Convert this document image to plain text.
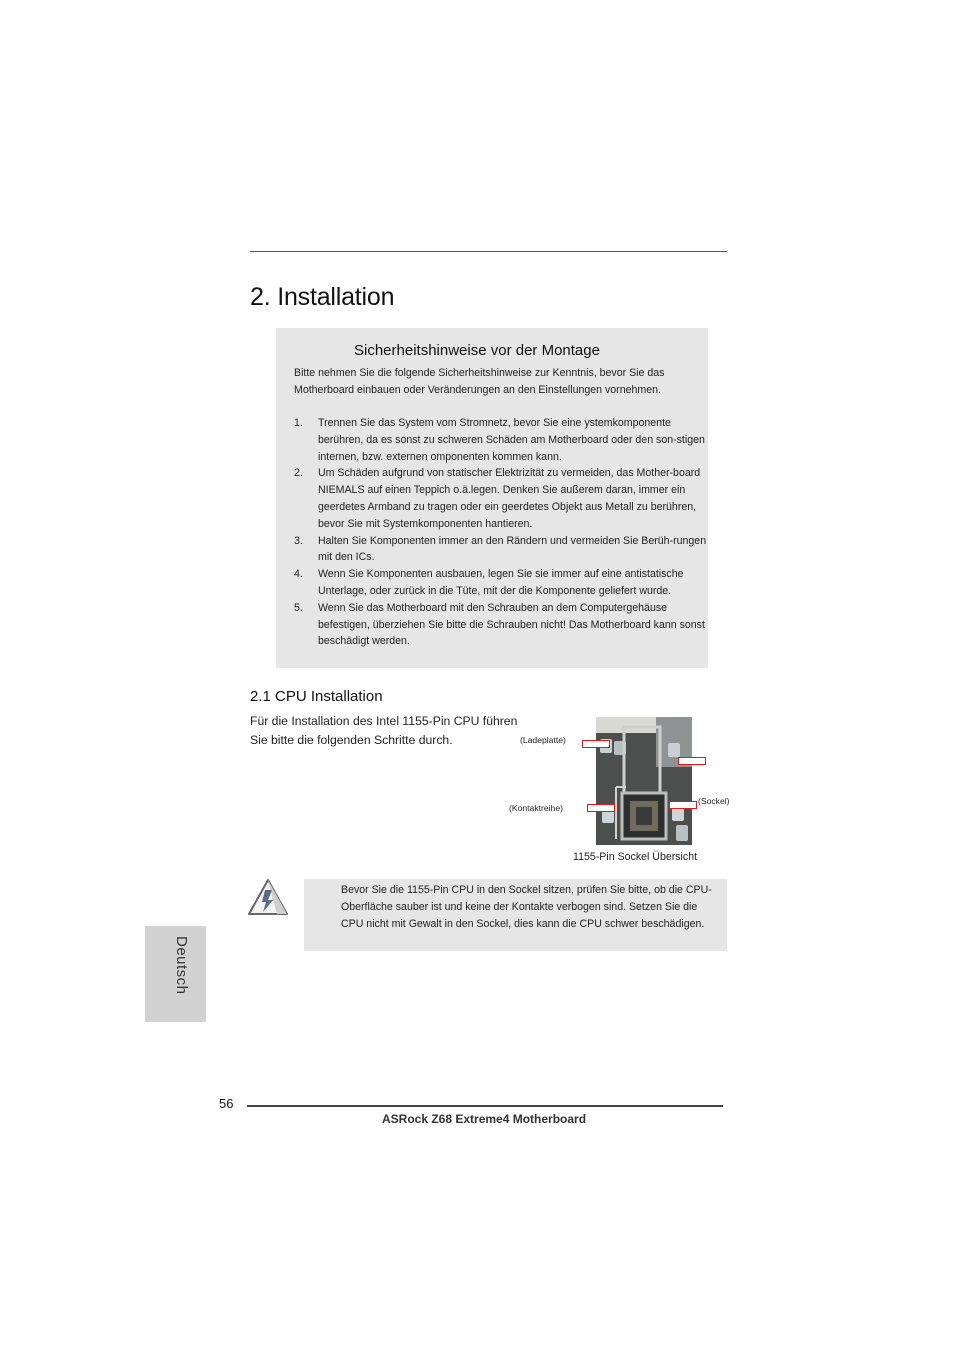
2. Installation
Sicherheitshinweise vor der Montage
Bitte nehmen Sie die folgende Sicherheitshinweise zur Kenntnis, bevor Sie das Motherboard einbauen oder Veränderungen an den Einstellungen vornehmen.
1. Trennen Sie das System vom Stromnetz, bevor Sie eine ystemkomponente berühren, da es sonst zu schweren Schäden am Motherboard oder den son-stigen internen, bzw. externen omponenten kommen kann.
2. Um Schäden aufgrund von statischer Elektrizität zu vermeiden, das Mother-board NIEMALS auf einen Teppich o.ä.legen. Denken Sie außerem daran, immer ein geerdetes Armband zu tragen oder ein geerdetes Objekt aus Metall zu berühren, bevor Sie mit Systemkomponenten hantieren.
3. Halten Sie Komponenten immer an den Rändern und vermeiden Sie Berüh-rungen mit den ICs.
4. Wenn Sie Komponenten ausbauen, legen Sie sie immer auf eine antistatische Unterlage, oder zurück in die Tüte, mit der die Komponente geliefert wurde.
5. Wenn Sie das Motherboard mit den Schrauben an dem Computergehäuse befestigen, überziehen Sie bitte die Schrauben nicht! Das Motherboard kann sonst beschädigt werden.
2.1 CPU Installation
Für die Installation des Intel 1155-Pin CPU führen Sie bitte die folgenden Schritte durch.	(Ladeplatte)
(Kontaktreihe)
(Sockel)
1155-Pin Sockel Übersicht
Bevor Sie die 1155-Pin CPU in den Sockel sitzen, prüfen Sie bitte, ob die CPU-Oberfläche sauber ist und keine der Kontakte verbogen sind. Setzen Sie die CPU nicht mit Gewalt in den Sockel, dies kann die CPU schwer beschädigen.
Deutsch
56
ASRock Z68 Extreme4 Motherboard
